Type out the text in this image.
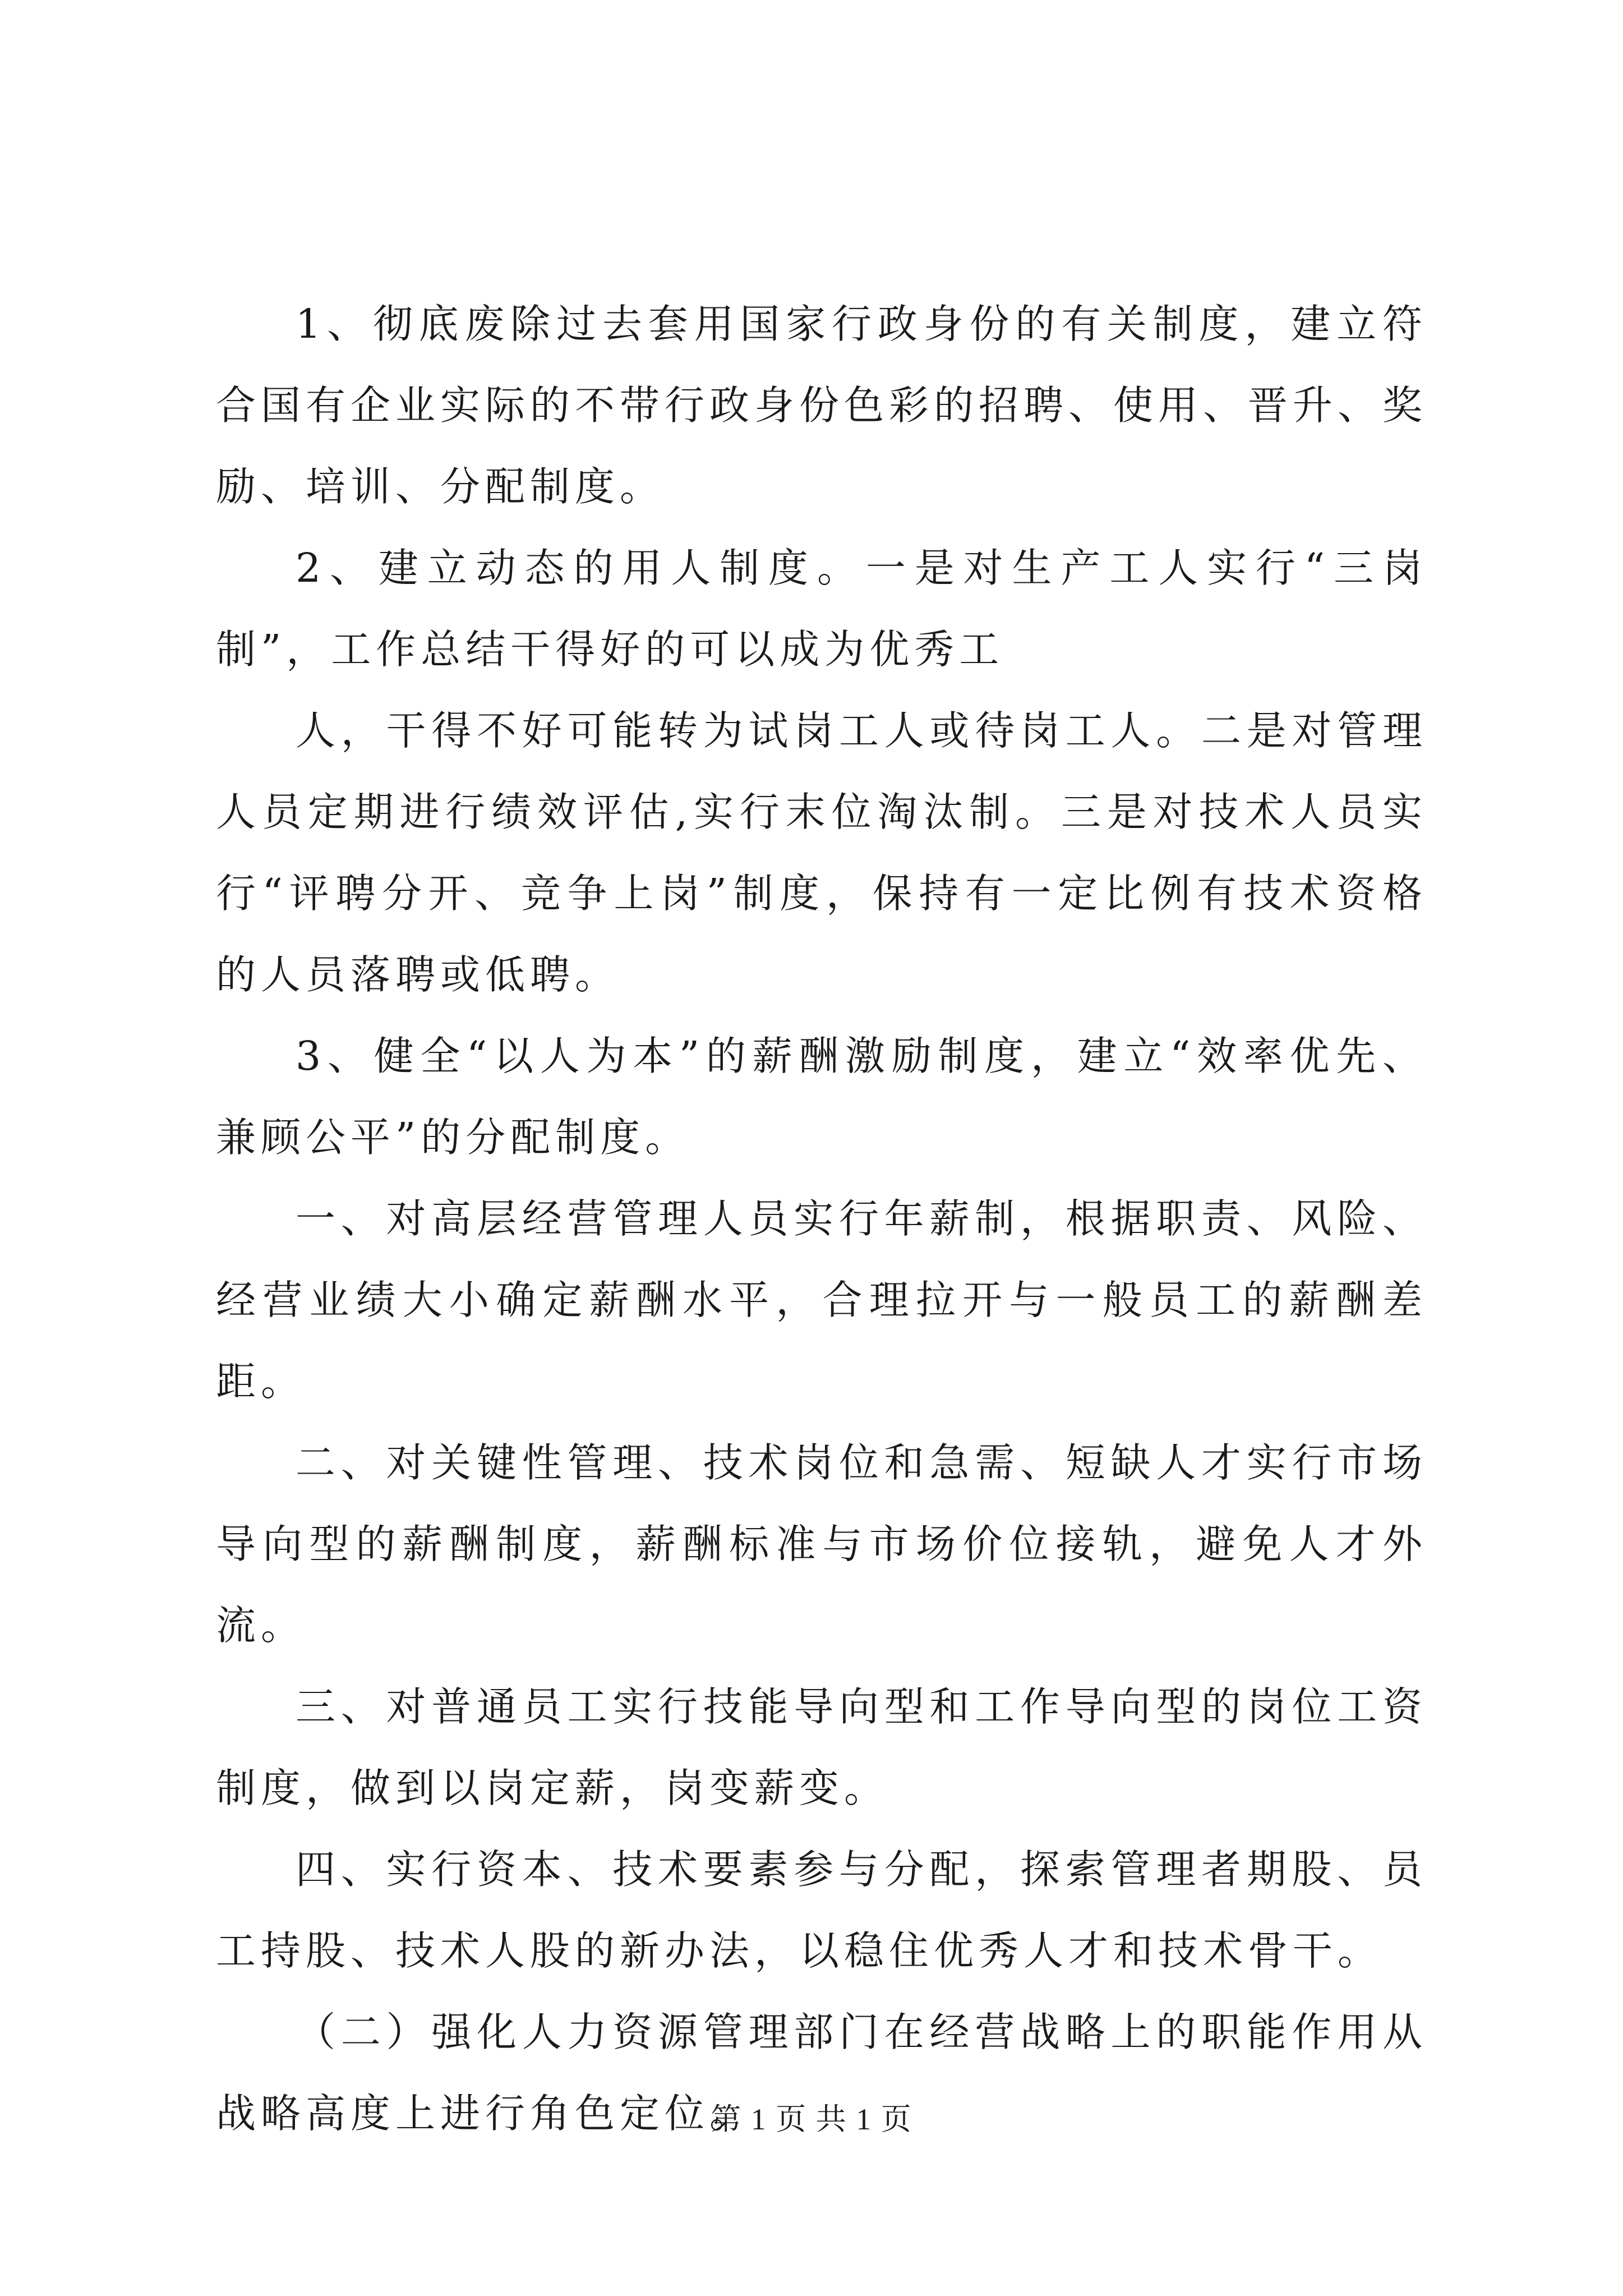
1、彻底废除过去套用国家行政身份的有关制度，建立符合国有企业实际的不带行政身份色彩的招聘、使用、晋升、奖励、培训、分配制度。

2、建立动态的用人制度。一是对生产工人实行“三岗制”，工作总结干得好的可以成为优秀工

人，干得不好可能转为试岗工人或待岗工人。二是对管理人员定期进行绩效评估,实行末位淘汰制。三是对技术人员实行“评聘分开、竞争上岗”制度，保持有一定比例有技术资格的人员落聘或低聘。

3、健全“以人为本”的薪酬激励制度，建立“效率优先、兼顾公平”的分配制度。

一、对高层经营管理人员实行年薪制，根据职责、风险、经营业绩大小确定薪酬水平，合理拉开与一般员工的薪酬差距。

二、对关键性管理、技术岗位和急需、短缺人才实行市场导向型的薪酬制度，薪酬标准与市场价位接轨，避免人才外流。

三、对普通员工实行技能导向型和工作导向型的岗位工资制度，做到以岗定薪，岗变薪变。

四、实行资本、技术要素参与分配，探索管理者期股、员工持股、技术人股的新办法，以稳住优秀人才和技术骨干。

（二）强化人力资源管理部门在经营战略上的职能作用从战略高度上进行角色定位。

第 1 页 共 1 页
